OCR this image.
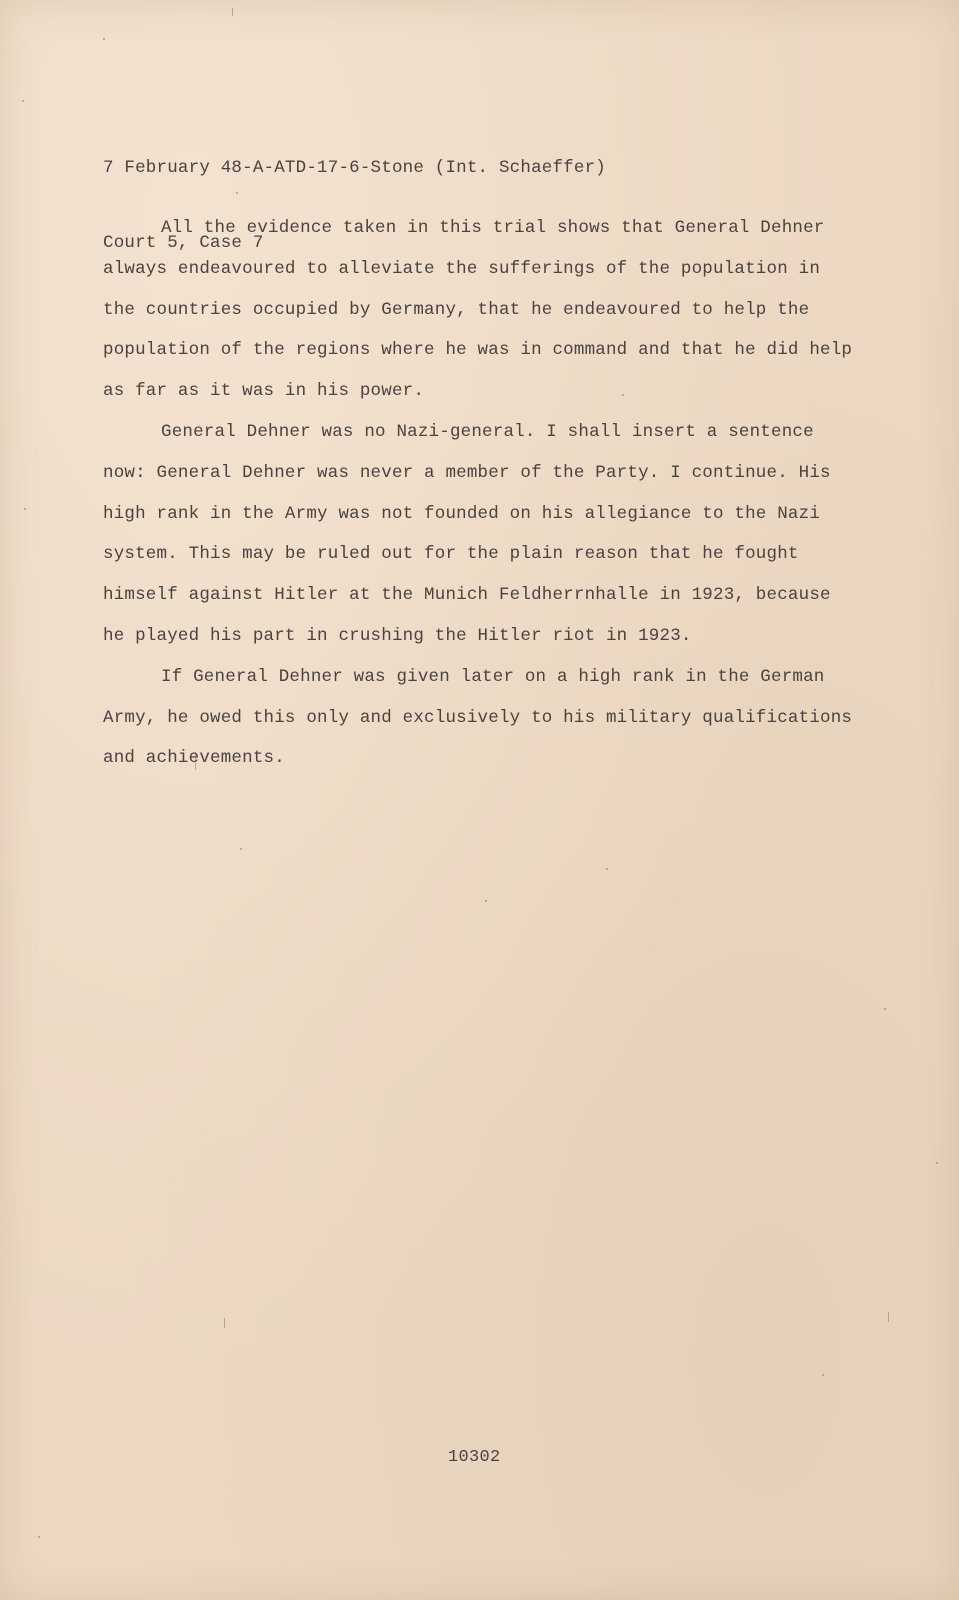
7 February 48-A-ATD-17-6-Stone (Int. Schaeffer)

Court 5, Case 7

All the evidence taken in this trial shows that General Dehner
always endeavoured to alleviate the sufferings of the population in
the countries occupied by Germany, that he endeavoured to help the
population of the regions where he was in command and that he did help
as far as it was in his power.
General Dehner was no Nazi-general. I shall insert a sentence
now: General Dehner was never a member of the Party. I continue. His
high rank in the Army was not founded on his allegiance to the Nazi
system. This may be ruled out for the plain reason that he fought
himself against Hitler at the Munich Feldherrnhalle in 1923, because
he played his part in crushing the Hitler riot in 1923.
If General Dehner was given later on a high rank in the German
Army, he owed this only and exclusively to his military qualifications
and achievements.
10302
